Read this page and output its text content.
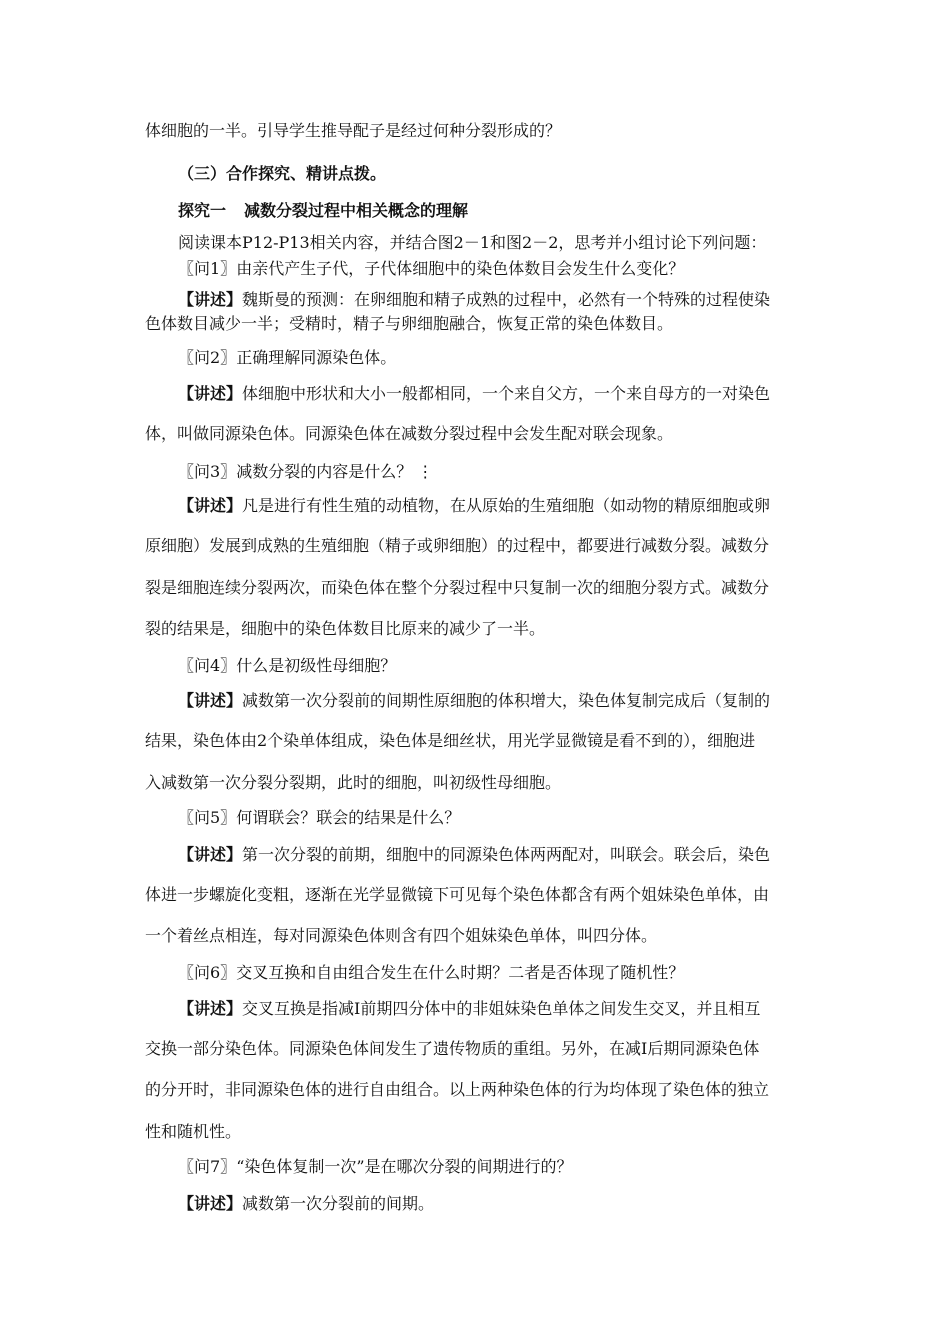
体细胞的一半。引导学生推导配子是经过何种分裂形成的？
（三）合作探究、精讲点拨。
探究一 减数分裂过程中相关概念的理解
阅读课本P12-P13相关内容，并结合图2－1和图2－2，思考并小组讨论下列问题：
〖问1〗由亲代产生子代，子代体细胞中的染色体数目会发生什么变化？
【讲述】魏斯曼的预测：在卵细胞和精子成熟的过程中，必然有一个特殊的过程使染
色体数目减少一半；受精时，精子与卵细胞融合，恢复正常的染色体数目。
〖问2〗正确理解同源染色体。
【讲述】体细胞中形状和大小一般都相同，一个来自父方，一个来自母方的一对染色
体，叫做同源染色体。同源染色体在减数分裂过程中会发生配对联会现象。
〖问3〗减数分裂的内容是什么？ ⋮
【讲述】凡是进行有性生殖的动植物，在从原始的生殖细胞（如动物的精原细胞或卵
原细胞）发展到成熟的生殖细胞（精子或卵细胞）的过程中，都要进行减数分裂。减数分
裂是细胞连续分裂两次，而染色体在整个分裂过程中只复制一次的细胞分裂方式。减数分
裂的结果是，细胞中的染色体数目比原来的减少了一半。
〖问4〗什么是初级性母细胞？
【讲述】减数第一次分裂前的间期性原细胞的体积增大，染色体复制完成后（复制的
结果，染色体由2个染单体组成，染色体是细丝状，用光学显微镜是看不到的），细胞进
入减数第一次分裂分裂期，此时的细胞，叫初级性母细胞。
〖问5〗何谓联会？联会的结果是什么？
【讲述】第一次分裂的前期，细胞中的同源染色体两两配对，叫联会。联会后，染色
体进一步螺旋化变粗，逐渐在光学显微镜下可见每个染色体都含有两个姐妹染色单体，由
一个着丝点相连，每对同源染色体则含有四个姐妹染色单体，叫四分体。
〖问6〗交叉互换和自由组合发生在什么时期？二者是否体现了随机性？
【讲述】交叉互换是指减Ⅰ前期四分体中的非姐妹染色单体之间发生交叉，并且相互
交换一部分染色体。同源染色体间发生了遗传物质的重组。另外，在减Ⅰ后期同源染色体
的分开时，非同源染色体的进行自由组合。以上两种染色体的行为均体现了染色体的独立
性和随机性。
〖问7〗“染色体复制一次”是在哪次分裂的间期进行的？
【讲述】减数第一次分裂前的间期。
